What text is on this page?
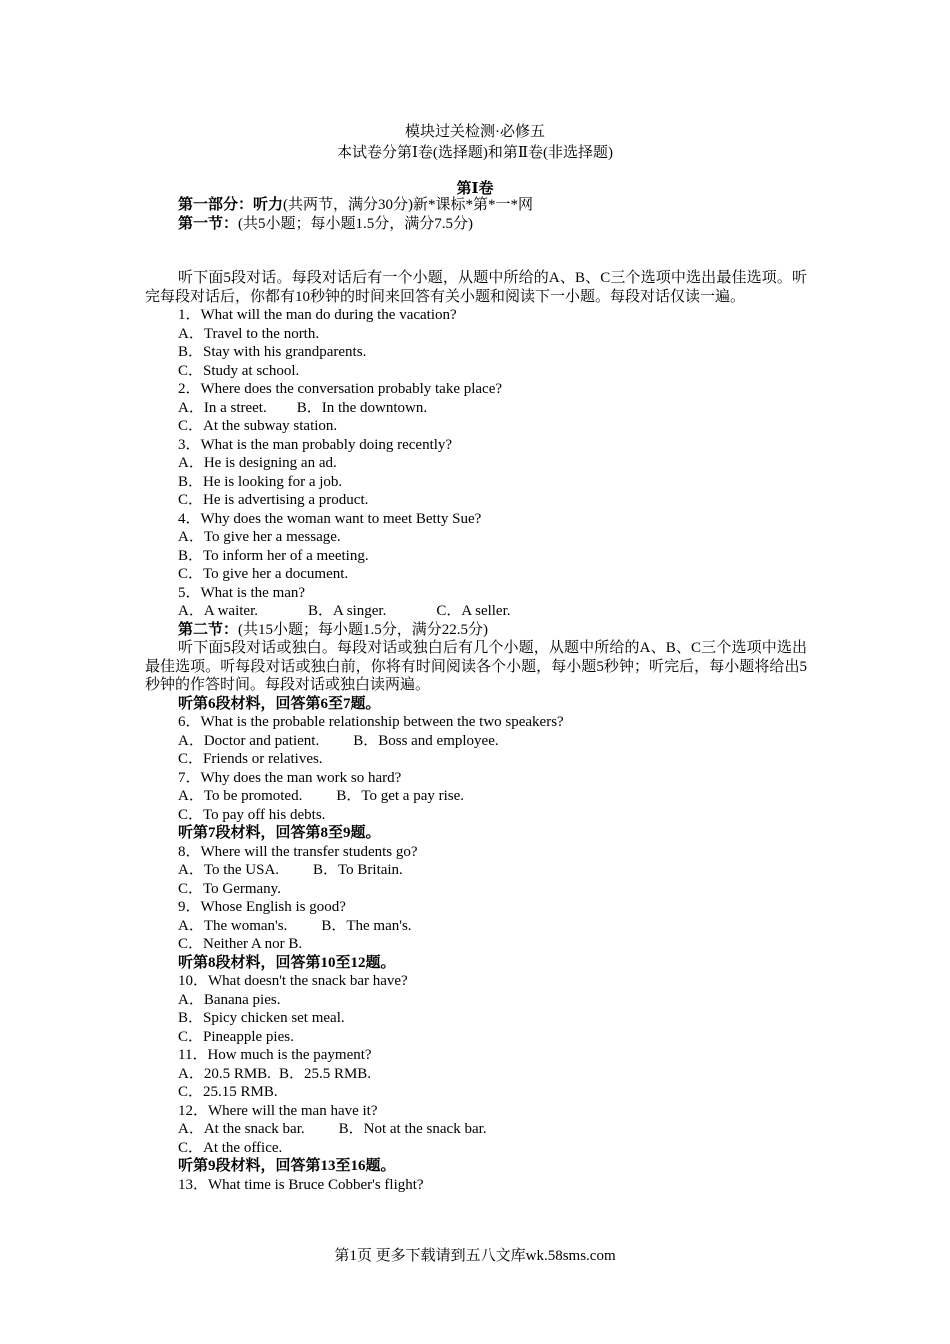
模块过关检测·必修五
本试卷分第Ⅰ卷(选择题)和第Ⅱ卷(非选择题)
第Ⅰ卷
第一部分：听力(共两节，满分30分)新*课标*第*一*网
第一节：(共5小题；每小题1.5分，满分7.5分)
听下面5段对话。每段对话后有一个小题，从题中所给的A、B、C三个选项中选出最佳选项。听完每段对话后，你都有10秒钟的时间来回答有关小题和阅读下一小题。每段对话仅读一遍。
1．What will the man do during the vacation?
A．Travel to the north.
B．Stay with his grandparents.
C．Study at school.
2．Where does the conversation probably take place?
A．In a street. B．In the downtown.
C．At the subway station.
3．What is the man probably doing recently?
A．He is designing an ad.
B．He is looking for a job.
C．He is advertising a product.
4．Why does the woman want to meet Betty Sue?
A．To give her a message.
B．To inform her of a meeting.
C．To give her a document.
5．What is the man?
A．A waiter.	B．A singer.	C．A seller.
第二节：(共15小题；每小题1.5分，满分22.5分)
听下面5段对话或独白。每段对话或独白后有几个小题，从题中所给的A、B、C三个选项中选出最佳选项。听每段对话或独白前，你将有时间阅读各个小题，每小题5秒钟；听完后，每小题将给出5秒钟的作答时间。每段对话或独白读两遍。
听第6段材料，回答第6至7题。
6．What is the probable relationship between the two speakers?
A．Doctor and patient. B．Boss and employee.
C．Friends or relatives.
7．Why does the man work so hard?
A．To be promoted. B．To get a pay rise.
C．To pay off his debts.
听第7段材料，回答第8至9题。
8．Where will the transfer students go?
A．To the USA. B．To Britain.
C．To Germany.
9．Whose English is good?
A．The woman's. B．The man's.
C．Neither A nor B.
听第8段材料，回答第10至12题。
10．What doesn't the snack bar have?
A．Banana pies.
B．Spicy chicken set meal.
C．Pineapple pies.
11．How much is the payment?
A．20.5 RMB. B．25.5 RMB.
C．25.15 RMB.
12．Where will the man have it?
A．At the snack bar. B．Not at the snack bar.
C．At the office.
听第9段材料，回答第13至16题。
13．What time is Bruce Cobber's flight?
第1页 更多下载请到五八文库wk.58sms.com
